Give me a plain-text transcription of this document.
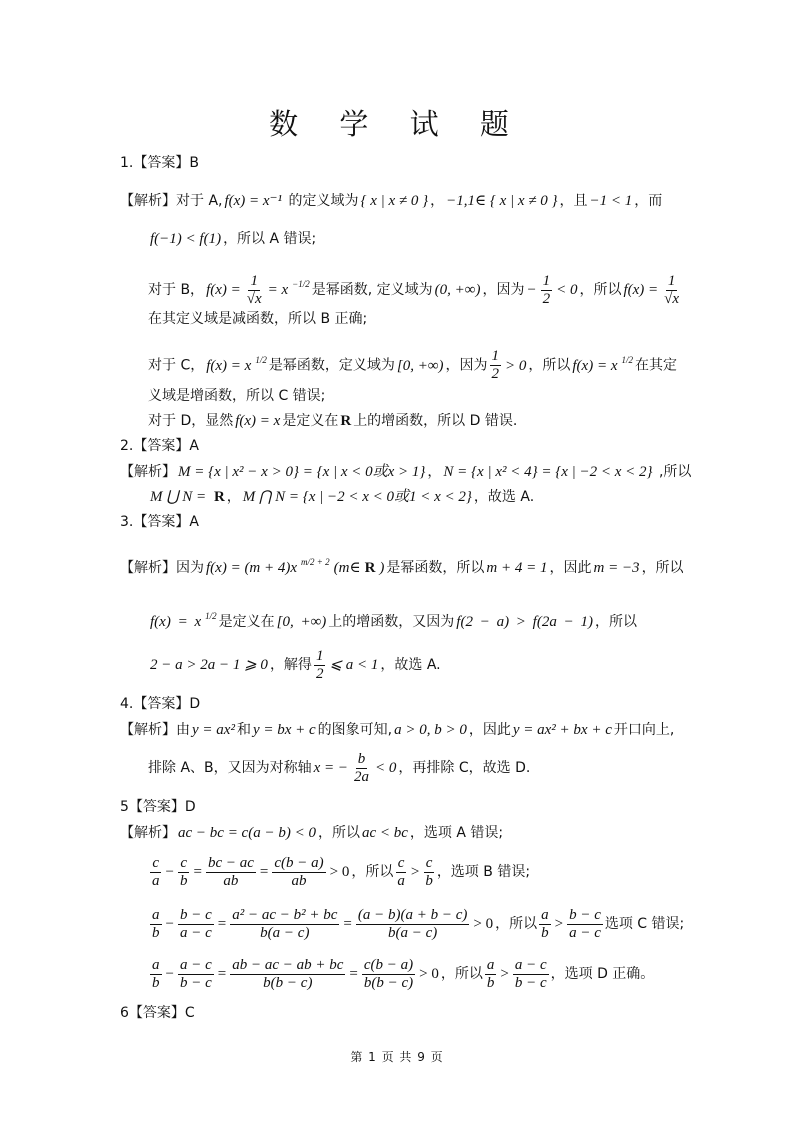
数 学 试 题
1.【答案】B
【解析】对于 A, f(x) = x⁻¹ 的定义域为 { x | x ≠ 0 } ， −1,1∈ { x | x ≠ 0 } ，且 −1 < 1 ，而
f(−1) < f(1) ，所以 A 错误;
对于 B， $f(x) = \frac{1}{√x} = x$ $^{-1/2}$ 是幂函数, 定义域为 (0, +∞) ，因为 − $\frac{1}{2} < 0$ ，所以 $f(x) = \frac{1}{√x}$
在其定义域是减函数，所以 B 正确;
对于 C， f(x) = x $^{1/2}$ 是幂函数，定义域为 [0, +∞) ，因为 $\frac{1}{2} > 0$ ，所以 f(x) = x $^{1/2}$ 在其定
义域是增函数，所以 C 错误;
对于 D，显然 f(x) = x 是定义在 R 上的增函数，所以 D 错误.
2.【答案】A
【解析】 M = {x | x² − x > 0} = {x | x < 0或x > 1} ， N = {x | x² < 4} = {x | −2 < x < 2} ,所以
M ⋃ N = R ， M ⋂ N = {x | −2 < x < 0或1 < x < 2} ，故选 A.
3.【答案】A
【解析】因为 f(x) = (m + 4)x $^{m/2 + 2}$ (m∈ R ) 是幂函数，所以 m + 4 = 1 ，因此 m = −3 ，所以
f(x) = x $^{1/2}$ 是定义在 [0, +∞) 上的增函数，又因为 f(2 − a) > f(2a − 1) ，所以
2 − a > 2a − 1 ⩾ 0 ，解得 $\frac{1}{2}$ ⩽ a < 1 ，故选 A.
4.【答案】D
【解析】由 y = ax² 和 y = bx + c 的图象可知, a > 0, b > 0 ，因此 y = ax² + bx + c 开口向上,
排除 A、B，又因为对称轴 x = − $\frac{b}{2a} < 0$ ，再排除 C，故选 D.
5【答案】D
【解析】 ac − bc = c(a − b) < 0 ，所以 ac < bc ，选项 A 错误;
$\frac{c}{a} - \frac{c}{b} = \frac{bc - ac}{ab} = \frac{c(b - a)}{ab} > 0$ ，所以 $\frac{c}{a} > \frac{c}{b}$ ，选项 B 错误;
$\frac{a}{b} - \frac{b - c}{a - c} = \frac{\text{a² − ac − b² + bc}}{b(a - c)} = \frac{(a - b)(a + b - c)}{b(a - c)} > 0$ ，所以 $\frac{a}{b} > \frac{b - c}{a - c}$ 选项 C 错误;
$\frac{a}{b} - \frac{a - c}{b - c} = \frac{ab - ac - ab + bc}{b(b - c)} = \frac{c(b - a)}{b(b - c)} > 0$ ，所以 $\frac{a}{b} > \frac{a - c}{b - c}$ ，选项 D 正确。
6【答案】C
第 1 页 共 9 页
